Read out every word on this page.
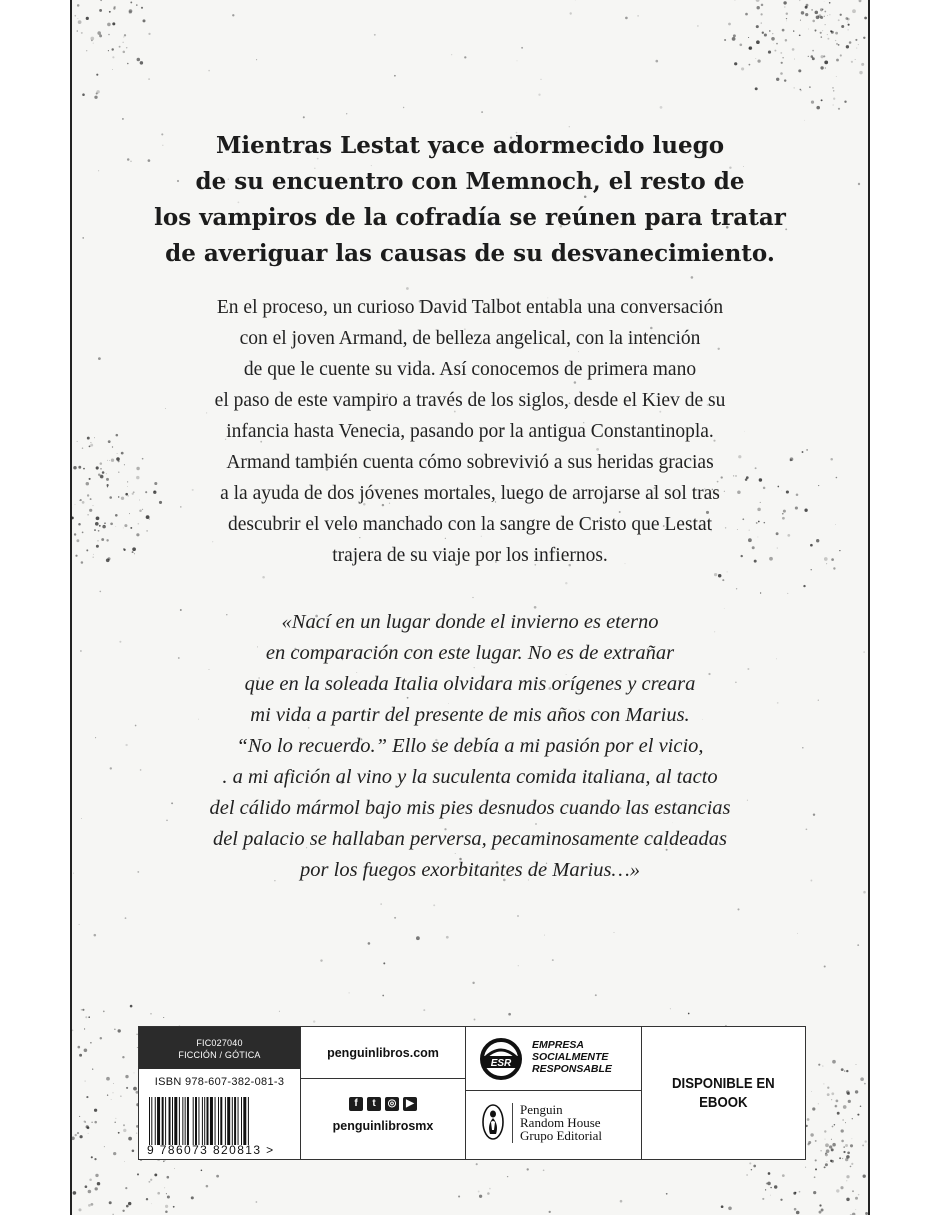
Mientras Lestat yace adormecido luego
de su encuentro con Memnoch, el resto de
los vampiros de la cofradía se reúnen para tratar
de averiguar las causas de su desvanecimiento.
En el proceso, un curioso David Talbot entabla una conversación
con el joven Armand, de belleza angelical, con la intención
de que le cuente su vida. Así conocemos de primera mano
el paso de este vampiro a través de los siglos, desde el Kiev de su
infancia hasta Venecia, pasando por la antigua Constantinopla.
Armand también cuenta cómo sobrevivió a sus heridas gracias
a la ayuda de dos jóvenes mortales, luego de arrojarse al sol tras
descubrir el velo manchado con la sangre de Cristo que Lestat
trajera de su viaje por los infiernos.
«Nací en un lugar donde el invierno es eterno
en comparación con este lugar. No es de extrañar
que en la soleada Italia olvidara mis orígenes y creara
mi vida a partir del presente de mis años con Marius.
“No lo recuerdo.” Ello se debía a mi pasión por el vicio,
. a mi afición al vino y la suculenta comida italiana, al tacto
del cálido mármol bajo mis pies desnudos cuando las estancias
del palacio se hallaban perversa, pecaminosamente caldeadas
por los fuegos exorbitantes de Marius…»
FIC027040
FICCIÓN / GÓTICA
ISBN 978-607-382-081-3
9 786073 820813 >
penguinlibros.com
f t ◎ ▶
penguinlibrosmx
ESR
EMPRESA
SOCIALMENTE
RESPONSABLE
Penguin
Random House
Grupo Editorial
DISPONIBLE EN
EBOOK
